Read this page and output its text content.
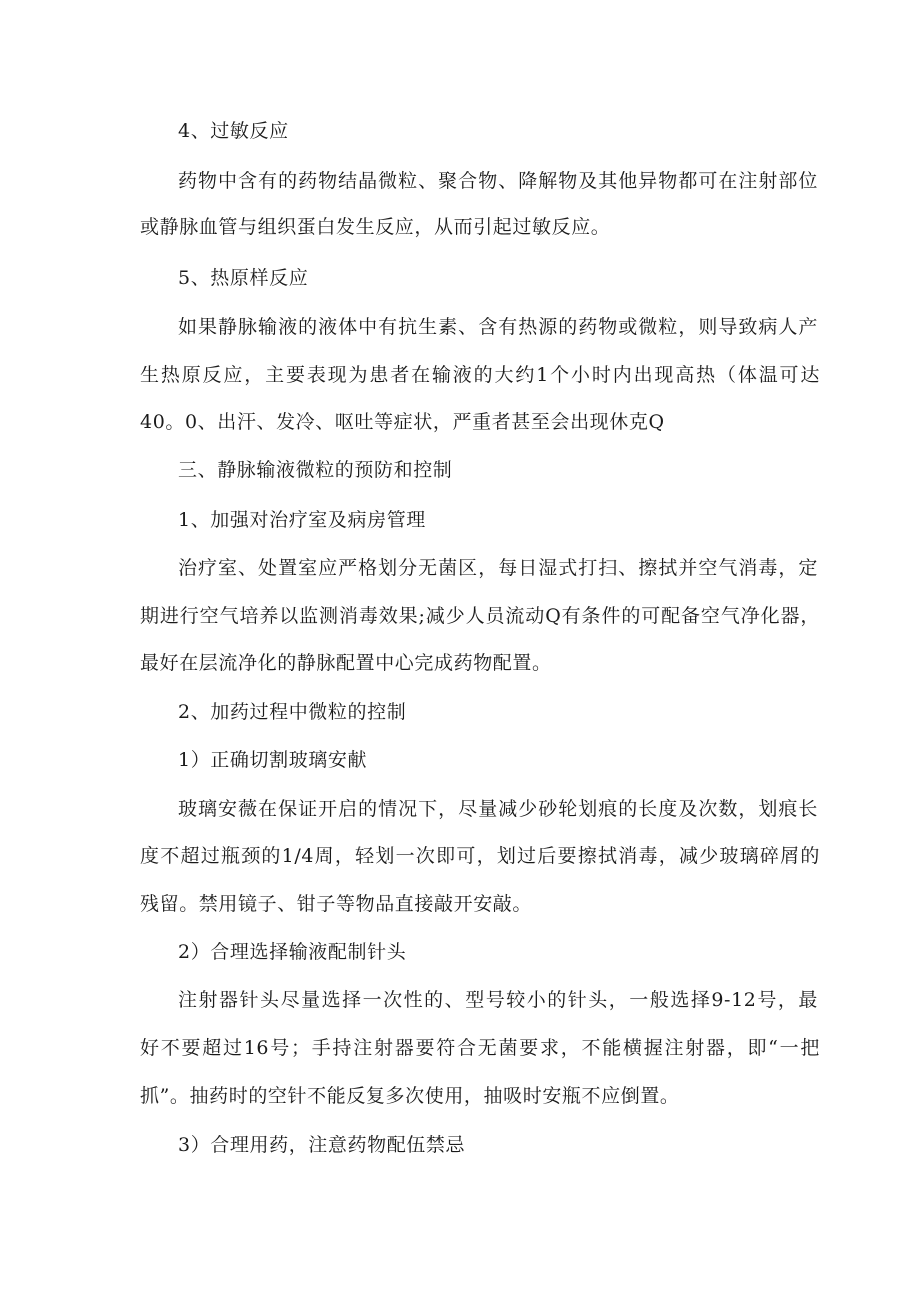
4、过敏反应
药物中含有的药物结晶微粒、聚合物、降解物及其他异物都可在注射部位
或静脉血管与组织蛋白发生反应，从而引起过敏反应。
5、热原样反应
如果静脉输液的液体中有抗生素、含有热源的药物或微粒，则导致病人产
生热原反应，主要表现为患者在输液的大约1个小时内出现高热（体温可达
40。0、出汗、发冷、呕吐等症状，严重者甚至会出现休克Q
三、静脉输液微粒的预防和控制
1、加强对治疗室及病房管理
治疗室、处置室应严格划分无菌区，每日湿式打扫、擦拭并空气消毒，定
期进行空气培养以监测消毒效果;减少人员流动Q有条件的可配备空气净化器，
最好在层流净化的静脉配置中心完成药物配置。
2、加药过程中微粒的控制
1）正确切割玻璃安献
玻璃安薇在保证开启的情况下，尽量减少砂轮划痕的长度及次数，划痕长
度不超过瓶颈的1/4周，轻划一次即可，划过后要擦拭消毒，减少玻璃碎屑的
残留。禁用镜子、钳子等物品直接敲开安敲。
2）合理选择输液配制针头
注射器针头尽量选择一次性的、型号较小的针头，一般选择9-12号，最
好不要超过16号；手持注射器要符合无菌要求，不能横握注射器，即“一把
抓”。抽药时的空针不能反复多次使用，抽吸时安瓶不应倒置。
3）合理用药，注意药物配伍禁忌
